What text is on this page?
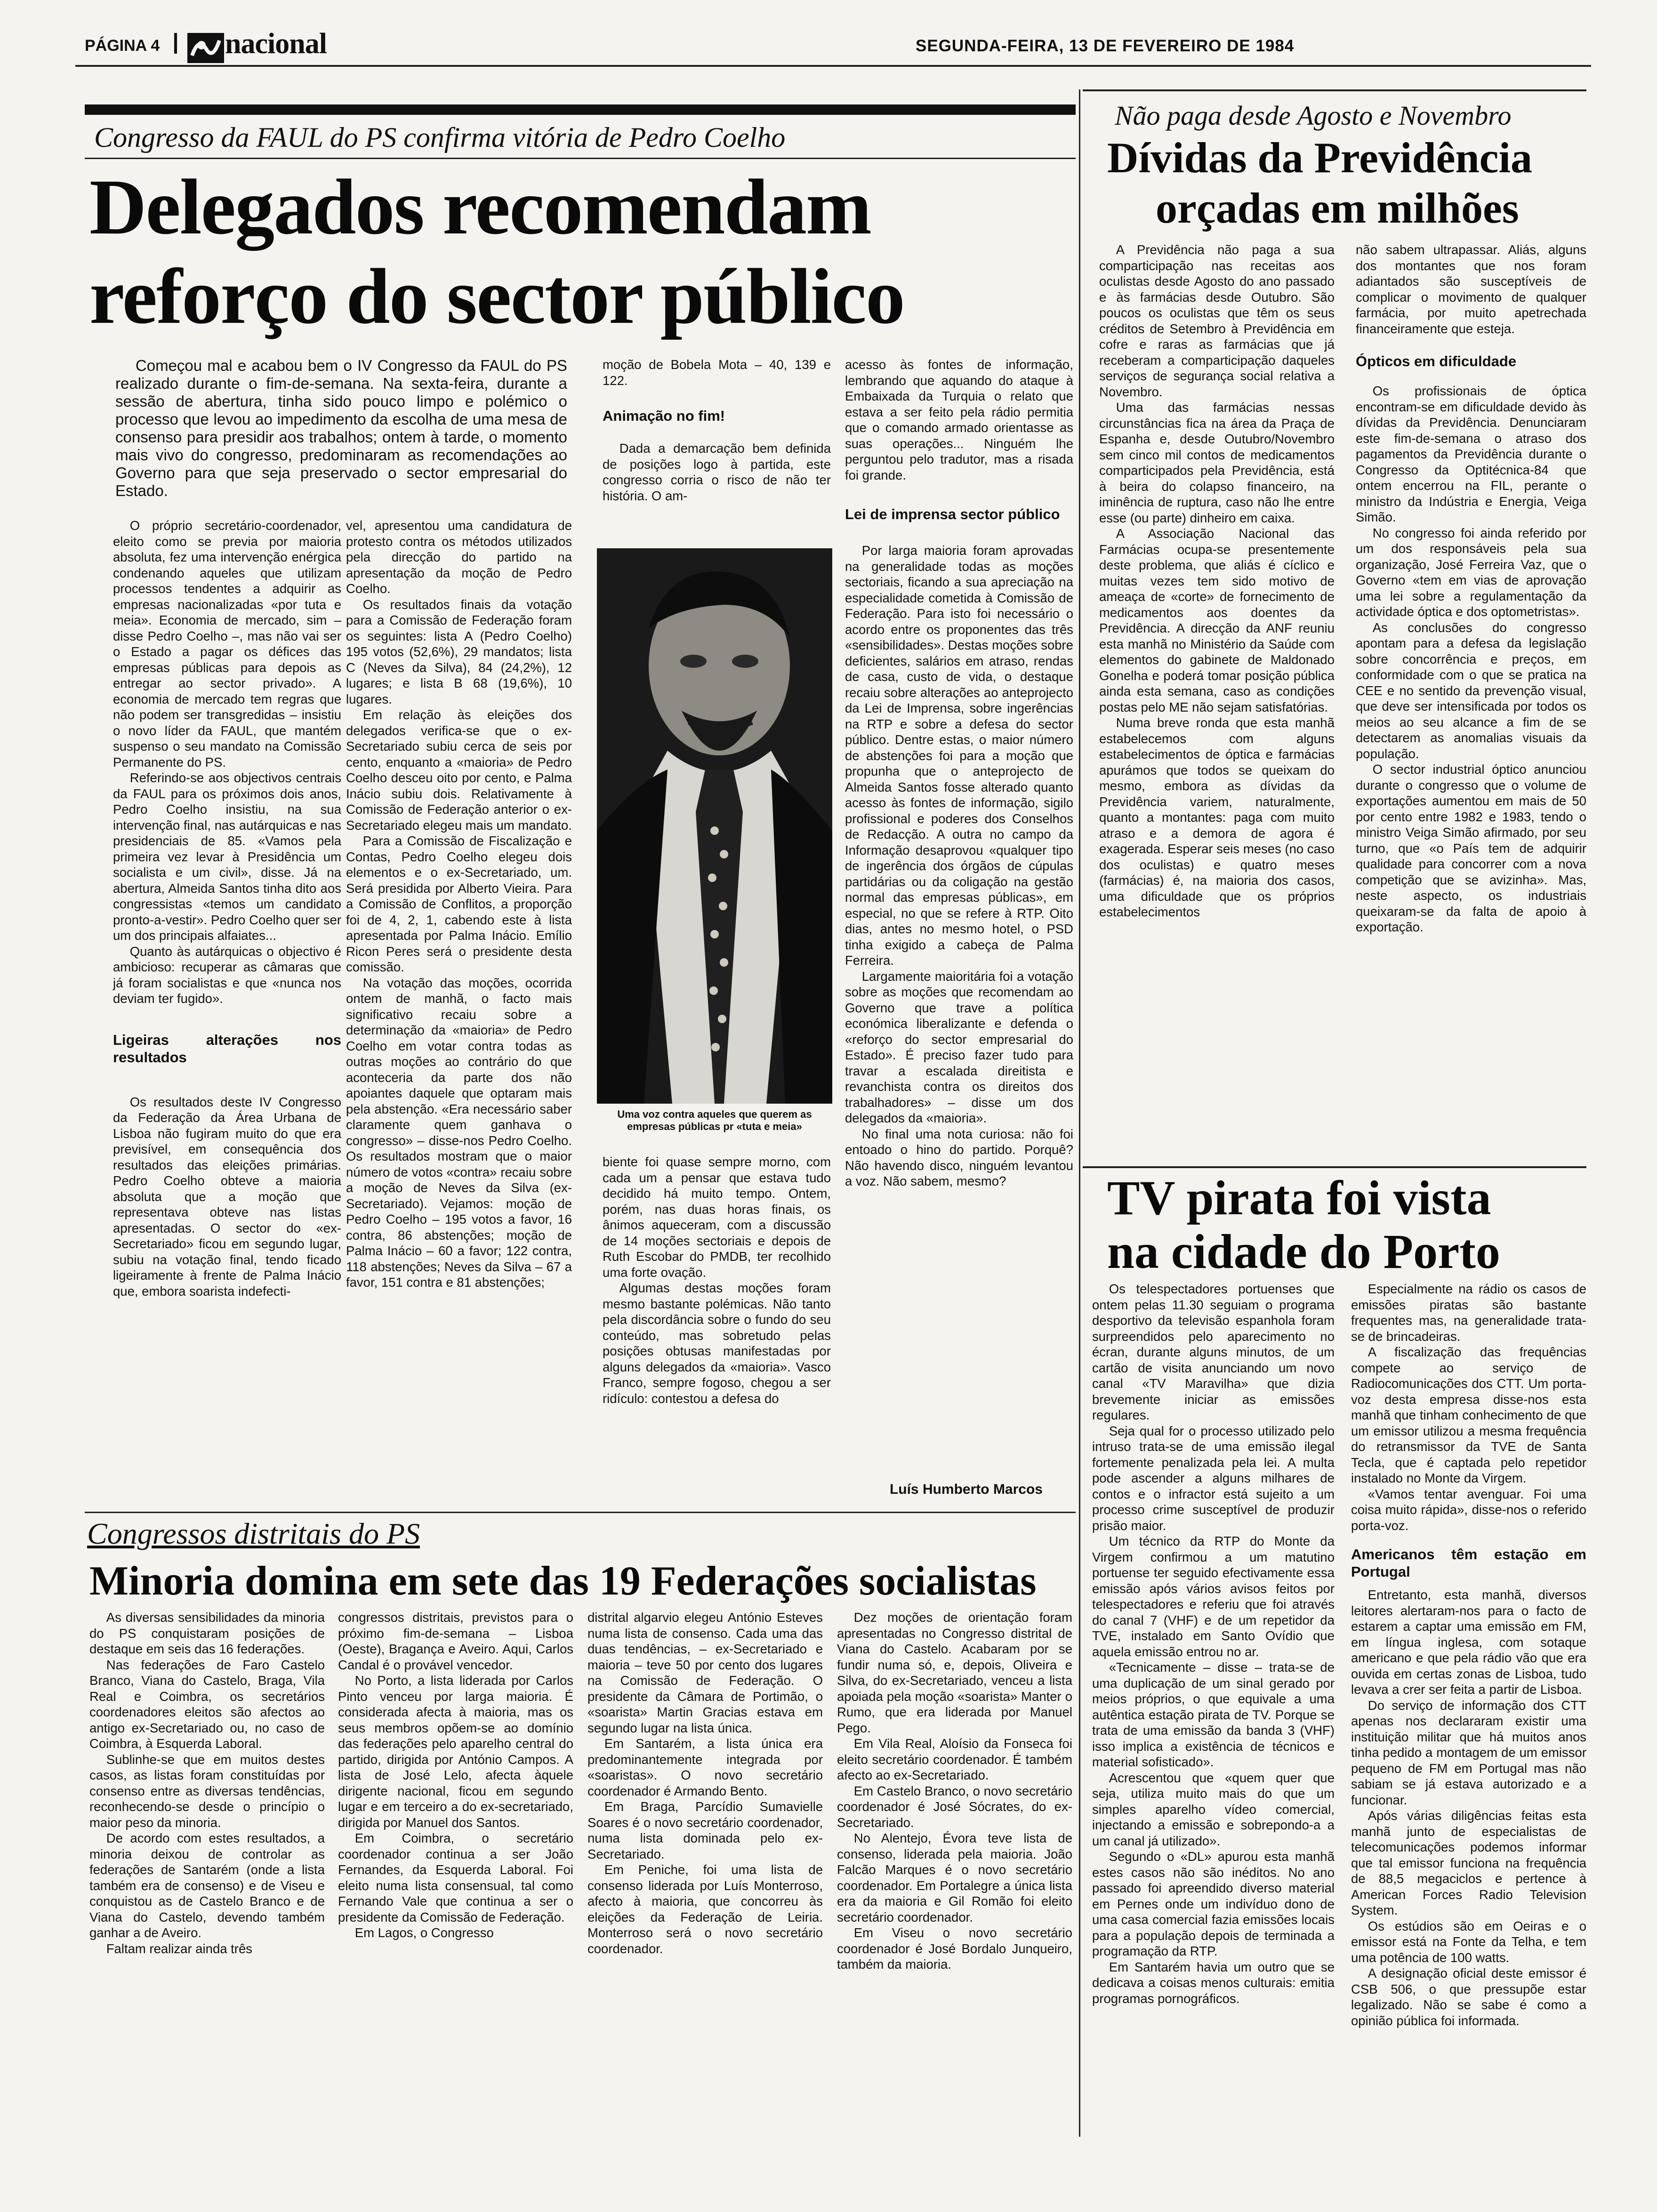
PÁGINA 4 nacional	SEGUNDA-FEIRA, 13 DE FEVEREIRO DE 1984
Congresso da FAUL do PS confirma vitória de Pedro Coelho
Delegados recomendam
reforço do sector público

Começou mal e acabou bem o IV Congresso da FAUL do PS realizado durante o fim-de-semana. Na sexta-feira, durante a sessão de abertura, tinha sido pouco limpo e polémico o processo que levou ao impedimento da escolha de uma mesa de consenso para presidir aos trabalhos; ontem à tarde, o momento mais vivo do congresso, predominaram as recomendações ao Governo para que seja preservado o sector empresarial do Estado.

O próprio secretário-coordenador, eleito como se previa por maioria absoluta, fez uma intervenção enérgica condenando aqueles que utilizam processos tendentes a adquirir as empresas nacionalizadas «por tuta e meia». Economia de mercado, sim – disse Pedro Coelho –, mas não vai ser o Estado a pagar os défices das empresas públicas para depois as entregar ao sector privado». A economia de mercado tem regras que não podem ser transgredidas – insistiu o novo líder da FAUL, que mantém suspenso o seu mandato na Comissão Permanente do PS.

Referindo-se aos objectivos centrais da FAUL para os próximos dois anos, Pedro Coelho insistiu, na sua intervenção final, nas autárquicas e nas presidenciais de 85. «Vamos pela primeira vez levar à Presidência um socialista e um civil», disse. Já na abertura, Almeida Santos tinha dito aos congressistas «temos um candidato pronto-a-vestir». Pedro Coelho quer ser um dos principais alfaiates...

Quanto às autárquicas o objectivo é ambicioso: recuperar as câmaras que já foram socialistas e que «nunca nos deviam ter fugido».

Ligeiras alterações nos resultados

Os resultados deste IV Congresso da Federação da Área Urbana de Lisboa não fugiram muito do que era previsível, em consequência dos resultados das eleições primárias. Pedro Coelho obteve a maioria absoluta que a moção que representava obteve nas listas apresentadas. O sector do «ex-Secretariado» ficou em segundo lugar, subiu na votação final, tendo ficado ligeiramente à frente de Palma Inácio que, embora soarista indefecti-

vel, apresentou uma candidatura de protesto contra os métodos utilizados pela direcção do partido na apresentação da moção de Pedro Coelho.

Os resultados finais da votação para a Comissão de Federação foram os seguintes: lista A (Pedro Coelho) 195 votos (52,6%), 29 mandatos; lista C (Neves da Silva), 84 (24,2%), 12 lugares; e lista B 68 (19,6%), 10 lugares.

Em relação às eleições dos delegados verifica-se que o ex-Secretariado subiu cerca de seis por cento, enquanto a «maioria» de Pedro Coelho desceu oito por cento, e Palma Inácio subiu dois. Relativamente à Comissão de Federação anterior o ex-Secretariado elegeu mais um mandato.

Para a Comissão de Fiscalização e Contas, Pedro Coelho elegeu dois elementos e o ex-Secretariado, um. Será presidida por Alberto Vieira. Para a Comissão de Conflitos, a proporção foi de 4, 2, 1, cabendo este à lista apresentada por Palma Inácio. Emílio Ricon Peres será o presidente desta comissão.

Na votação das moções, ocorrida ontem de manhã, o facto mais significativo recaiu sobre a determinação da «maioria» de Pedro Coelho em votar contra todas as outras moções ao contrário do que aconteceria da parte dos não apoiantes daquele que optaram mais pela abstenção. «Era necessário saber claramente quem ganhava o congresso» – disse-nos Pedro Coelho. Os resultados mostram que o maior número de votos «contra» recaiu sobre a moção de Neves da Silva (ex-Secretariado). Vejamos: moção de Pedro Coelho – 195 votos a favor, 16 contra, 86 abstenções; moção de Palma Inácio – 60 a favor; 122 contra, 118 abstenções; Neves da Silva – 67 a favor, 151 contra e 81 abstenções;

moção de Bobela Mota – 40, 139 e 122.

Animação no fim!

Dada a demarcação bem definida de posições logo à partida, este congresso corria o risco de não ter história. O am-

Uma voz contra aqueles que querem as empresas públicas pr «tuta e meia»

biente foi quase sempre morno, com cada um a pensar que estava tudo decidido há muito tempo. Ontem, porém, nas duas horas finais, os ânimos aqueceram, com a discussão de 14 moções sectoriais e depois de Ruth Escobar do PMDB, ter recolhido uma forte ovação.

Algumas destas moções foram mesmo bastante polémicas. Não tanto pela discordância sobre o fundo do seu conteúdo, mas sobretudo pelas posições obtusas manifestadas por alguns delegados da «maioria». Vasco Franco, sempre fogoso, chegou a ser ridículo: contestou a defesa do

acesso às fontes de informação, lembrando que aquando do ataque à Embaixada da Turquia o relato que estava a ser feito pela rádio permitia que o comando armado orientasse as suas operações... Ninguém lhe perguntou pelo tradutor, mas a risada foi grande.

Lei de imprensa sector público

Por larga maioria foram aprovadas na generalidade todas as moções sectoriais, ficando a sua apreciação na especialidade cometida à Comissão de Federação. Para isto foi necessário o acordo entre os proponentes das três «sensibilidades». Destas moções sobre deficientes, salários em atraso, rendas de casa, custo de vida, o destaque recaiu sobre alterações ao anteprojecto da Lei de Imprensa, sobre ingerências na RTP e sobre a defesa do sector público. Dentre estas, o maior número de abstenções foi para a moção que propunha que o anteprojecto de Almeida Santos fosse alterado quanto acesso às fontes de informação, sigilo profissional e poderes dos Conselhos de Redacção. A outra no campo da Informação desaprovou «qualquer tipo de ingerência dos órgãos de cúpulas partidárias ou da coligação na gestão normal das empresas públicas», em especial, no que se refere à RTP. Oito dias, antes no mesmo hotel, o PSD tinha exigido a cabeça de Palma Ferreira.

Largamente maioritária foi a votação sobre as moções que recomendam ao Governo que trave a política económica liberalizante e defenda o «reforço do sector empresarial do Estado». É preciso fazer tudo para travar a escalada direitista e revanchista contra os direitos dos trabalhadores» – disse um dos delegados da «maioria».

No final uma nota curiosa: não foi entoado o hino do partido. Porquê? Não havendo disco, ninguém levantou a voz. Não sabem, mesmo?

Luís Humberto Marcos
Não paga desde Agosto e Novembro
Dívidas da Previdência
orçadas em milhões

A Previdência não paga a sua comparticipação nas receitas aos oculistas desde Agosto do ano passado e às farmácias desde Outubro. São poucos os oculistas que têm os seus créditos de Setembro à Previdência em cofre e raras as farmácias que já receberam a comparticipação daqueles serviços de segurança social relativa a Novembro.

Uma das farmácias nessas circunstâncias fica na área da Praça de Espanha e, desde Outubro/Novembro sem cinco mil contos de medicamentos comparticipados pela Previdência, está à beira do colapso financeiro, na iminência de ruptura, caso não lhe entre esse (ou parte) dinheiro em caixa.

A Associação Nacional das Farmácias ocupa-se presentemente deste problema, que aliás é cíclico e muitas vezes tem sido motivo de ameaça de «corte» de fornecimento de medicamentos aos doentes da Previdência. A direcção da ANF reuniu esta manhã no Ministério da Saúde com elementos do gabinete de Maldonado Gonelha e poderá tomar posição pública ainda esta semana, caso as condições postas pelo ME não sejam satisfatórias.

Numa breve ronda que esta manhã estabelecemos com alguns estabelecimentos de óptica e farmácias apurámos que todos se queixam do mesmo, embora as dívidas da Previdência variem, naturalmente, quanto a montantes: paga com muito atraso e a demora de agora é exagerada. Esperar seis meses (no caso dos oculistas) e quatro meses (farmácias) é, na maioria dos casos, uma dificuldade que os próprios estabelecimentos

não sabem ultrapassar. Aliás, alguns dos montantes que nos foram adiantados são susceptíveis de complicar o movimento de qualquer farmácia, por muito apetrechada financeiramente que esteja.

Ópticos em dificuldade

Os profissionais de óptica encontram-se em dificuldade devido às dívidas da Previdência. Denunciaram este fim-de-semana o atraso dos pagamentos da Previdência durante o Congresso da Optitécnica-84 que ontem encerrou na FIL, perante o ministro da Indústria e Energia, Veiga Simão.

No congresso foi ainda referido por um dos responsáveis pela sua organização, José Ferreira Vaz, que o Governo «tem em vias de aprovação uma lei sobre a regulamentação da actividade óptica e dos optometristas».

As conclusões do congresso apontam para a defesa da legislação sobre concorrência e preços, em conformidade com o que se pratica na CEE e no sentido da prevenção visual, que deve ser intensificada por todos os meios ao seu alcance a fim de se detectarem as anomalias visuais da população.

O sector industrial óptico anunciou durante o congresso que o volume de exportações aumentou em mais de 50 por cento entre 1982 e 1983, tendo o ministro Veiga Simão afirmado, por seu turno, que «o País tem de adquirir qualidade para concorrer com a nova competição que se avizinha». Mas, neste aspecto, os industriais queixaram-se da falta de apoio à exportação.

TV pirata foi vista
na cidade do Porto

Os telespectadores portuenses que ontem pelas 11.30 seguiam o programa desportivo da televisão espanhola foram surpreendidos pelo aparecimento no écran, durante alguns minutos, de um cartão de visita anunciando um novo canal «TV Maravilha» que dizia brevemente iniciar as emissões regulares.

Seja qual for o processo utilizado pelo intruso trata-se de uma emissão ilegal fortemente penalizada pela lei. A multa pode ascender a alguns milhares de contos e o infractor está sujeito a um processo crime susceptível de produzir prisão maior.

Um técnico da RTP do Monte da Virgem confirmou a um matutino portuense ter seguido efectivamente essa emissão após vários avisos feitos por telespectadores e referiu que foi através do canal 7 (VHF) e de um repetidor da TVE, instalado em Santo Ovídio que aquela emissão entrou no ar.

«Tecnicamente – disse – trata-se de uma duplicação de um sinal gerado por meios próprios, o que equivale a uma autêntica estação pirata de TV. Porque se trata de uma emissão da banda 3 (VHF) isso implica a existência de técnicos e material sofisticado».

Acrescentou que «quem quer que seja, utiliza muito mais do que um simples aparelho vídeo comercial, injectando a emissão e sobrepondo-a a um canal já utilizado».

Segundo o «DL» apurou esta manhã estes casos não são inéditos. No ano passado foi apreendido diverso material em Pernes onde um indivíduo dono de uma casa comercial fazia emissões locais para a população depois de terminada a programação da RTP.

Em Santarém havia um outro que se dedicava a coisas menos culturais: emitia programas pornográficos.

Especialmente na rádio os casos de emissões piratas são bastante frequentes mas, na generalidade trata-se de brincadeiras.

A fiscalização das frequências compete ao serviço de Radiocomunicações dos CTT. Um porta-voz desta empresa disse-nos esta manhã que tinham conhecimento de que um emissor utilizou a mesma frequência do retransmissor da TVE de Santa Tecla, que é captada pelo repetidor instalado no Monte da Virgem.

«Vamos tentar avenguar. Foi uma coisa muito rápida», disse-nos o referido porta-voz.

Americanos têm estação em Portugal

Entretanto, esta manhã, diversos leitores alertaram-nos para o facto de estarem a captar uma emissão em FM, em língua inglesa, com sotaque americano e que pela rádio vão que era ouvida em certas zonas de Lisboa, tudo levava a crer ser feita a partir de Lisboa.

Do serviço de informação dos CTT apenas nos declararam existir uma instituição militar que há muitos anos tinha pedido a montagem de um emissor pequeno de FM em Portugal mas não sabiam se já estava autorizado e a funcionar.

Após várias diligências feitas esta manhã junto de especialistas de telecomunicações podemos informar que tal emissor funciona na frequência de 88,5 megaciclos e pertence à American Forces Radio Television System.

Os estúdios são em Oeiras e o emissor está na Fonte da Telha, e tem uma potência de 100 watts.

A designação oficial deste emissor é CSB 506, o que pressupõe estar legalizado. Não se sabe é como a opinião pública foi informada.

Congressos distritais do PS
Minoria domina em sete das 19 Federações socialistas

As diversas sensibilidades da minoria do PS conquistaram posições de destaque em seis das 16 federações.

Nas federações de Faro Castelo Branco, Viana do Castelo, Braga, Vila Real e Coimbra, os secretários coordenadores eleitos são afectos ao antigo ex-Secretariado ou, no caso de Coimbra, à Esquerda Laboral.

Sublinhe-se que em muitos destes casos, as listas foram constituídas por consenso entre as diversas tendências, reconhecendo-se desde o princípio o maior peso da minoria.

De acordo com estes resultados, a minoria deixou de controlar as federações de Santarém (onde a lista também era de consenso) e de Viseu e conquistou as de Castelo Branco e de Viana do Castelo, devendo também ganhar a de Aveiro.

Faltam realizar ainda três

congressos distritais, previstos para o próximo fim-de-semana – Lisboa (Oeste), Bragança e Aveiro. Aqui, Carlos Candal é o provável vencedor.

No Porto, a lista liderada por Carlos Pinto venceu por larga maioria. É considerada afecta à maioria, mas os seus membros opõem-se ao domínio das federações pelo aparelho central do partido, dirigida por António Campos. A lista de José Lelo, afecta àquele dirigente nacional, ficou em segundo lugar e em terceiro a do ex-secretariado, dirigida por Manuel dos Santos.

Em Coimbra, o secretário coordenador continua a ser João Fernandes, da Esquerda Laboral. Foi eleito numa lista consensual, tal como Fernando Vale que continua a ser o presidente da Comissão de Federação.

Em Lagos, o Congresso

distrital algarvio elegeu António Esteves numa lista de consenso. Cada uma das duas tendências, – ex-Secretariado e maioria – teve 50 por cento dos lugares na Comissão de Federação. O presidente da Câmara de Portimão, o «soarista» Martin Gracias estava em segundo lugar na lista única.

Em Santarém, a lista única era predominantemente integrada por «soaristas». O novo secretário coordenador é Armando Bento.

Em Braga, Parcídio Sumavielle Soares é o novo secretário coordenador, numa lista dominada pelo ex-Secretariado.

Em Peniche, foi uma lista de consenso liderada por Luís Monterroso, afecto à maioria, que concorreu às eleições da Federação de Leiria. Monterroso será o novo secretário coordenador.

Dez moções de orientação foram apresentadas no Congresso distrital de Viana do Castelo. Acabaram por se fundir numa só, e, depois, Oliveira e Silva, do ex-Secretariado, venceu a lista apoiada pela moção «soarista» Manter o Rumo, que era liderada por Manuel Pego.

Em Vila Real, Aloísio da Fonseca foi eleito secretário coordenador. É também afecto ao ex-Secretariado.

Em Castelo Branco, o novo secretário coordenador é José Sócrates, do ex-Secretariado.

No Alentejo, Évora teve lista de consenso, liderada pela maioria. João Falcão Marques é o novo secretário coordenador. Em Portalegre a única lista era da maioria e Gil Romão foi eleito secretário coordenador.

Em Viseu o novo secretário coordenador é José Bordalo Junqueiro, também da maioria.
